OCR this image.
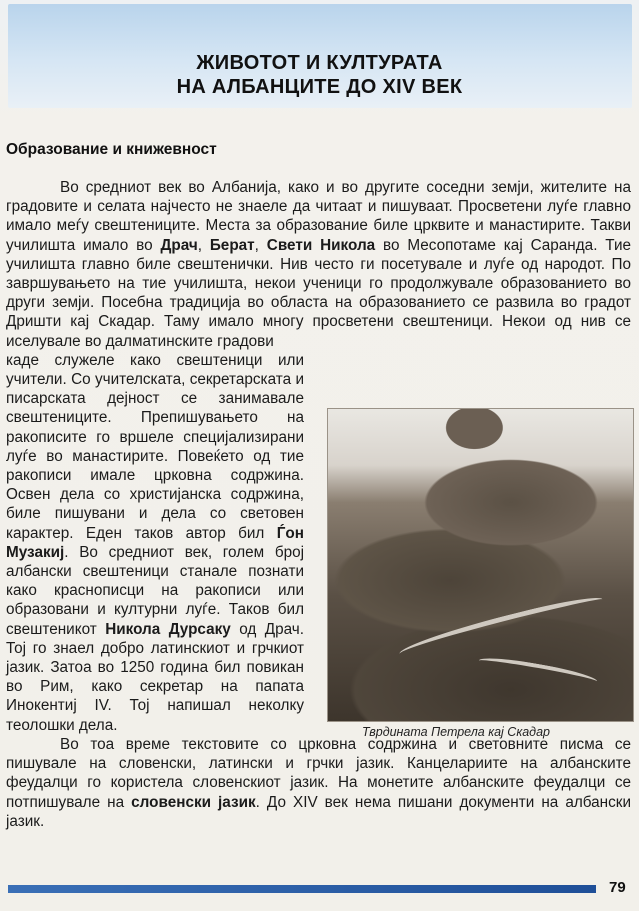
ЖИВОТОТ И КУЛТУРАТА
НА АЛБАНЦИТЕ ДО XIV ВЕК
Образование и книжевност

Во средниот век во Албанија, како и во другите соседни земји, жителите на градовите и селата најчесто не знаеле да читаат и пишуваат. Просветени луѓе главно имало меѓу свештениците. Места за образование биле црквите и манастирите. Такви училишта имало во Драч, Берат, Свети Никола во Месопотаме кај Саранда. Тие училишта главно биле свештенички. Нив често ги посетувале и луѓе од народот. По завршувањето на тие училишта, некои ученици го продолжувале образованието во други земји. Посебна традиција во областа на образованието се развила во градот Дришти кај Скадар. Таму имало многу просветени свештеници. Некои од нив се иселувале во далматинските градови

каде служеле како свештеници или учители. Со учителската, секретарската и писарската дејност се занимавале свештениците. Препишувањето на ракописите го вршеле специјализирани луѓе во манастирите. Повеќето од тие ракописи имале црковна содржина. Освен дела со христијанска содржина, биле пишувани и дела со световен карактер. Еден таков автор бил Ѓон Музакиј. Во средниот век, голем број албански свештеници станале познати како краснописци на ракописи или образовани и културни луѓе. Таков бил свештеникот Никола Дурсаку од Драч. Тој го знаел добро латинскиот и грчкиот јазик. Затоа во 1250 година бил повикан во Рим, како секретар на папата Инокентиј IV. Тој напишал неколку теолошки дела.

Во тоа време текстовите со црковна содржина и световните писма се пишувале на словенски, латински и грчки јазик. Канцелариите на албанските феудалци го користела словенскиот јазик. На монетите албанските феудалци се потпишувале на словенски јазик. До XIV век нема пишани документи на албански јазик.

Тврдината Петрела кај Скадар
79
